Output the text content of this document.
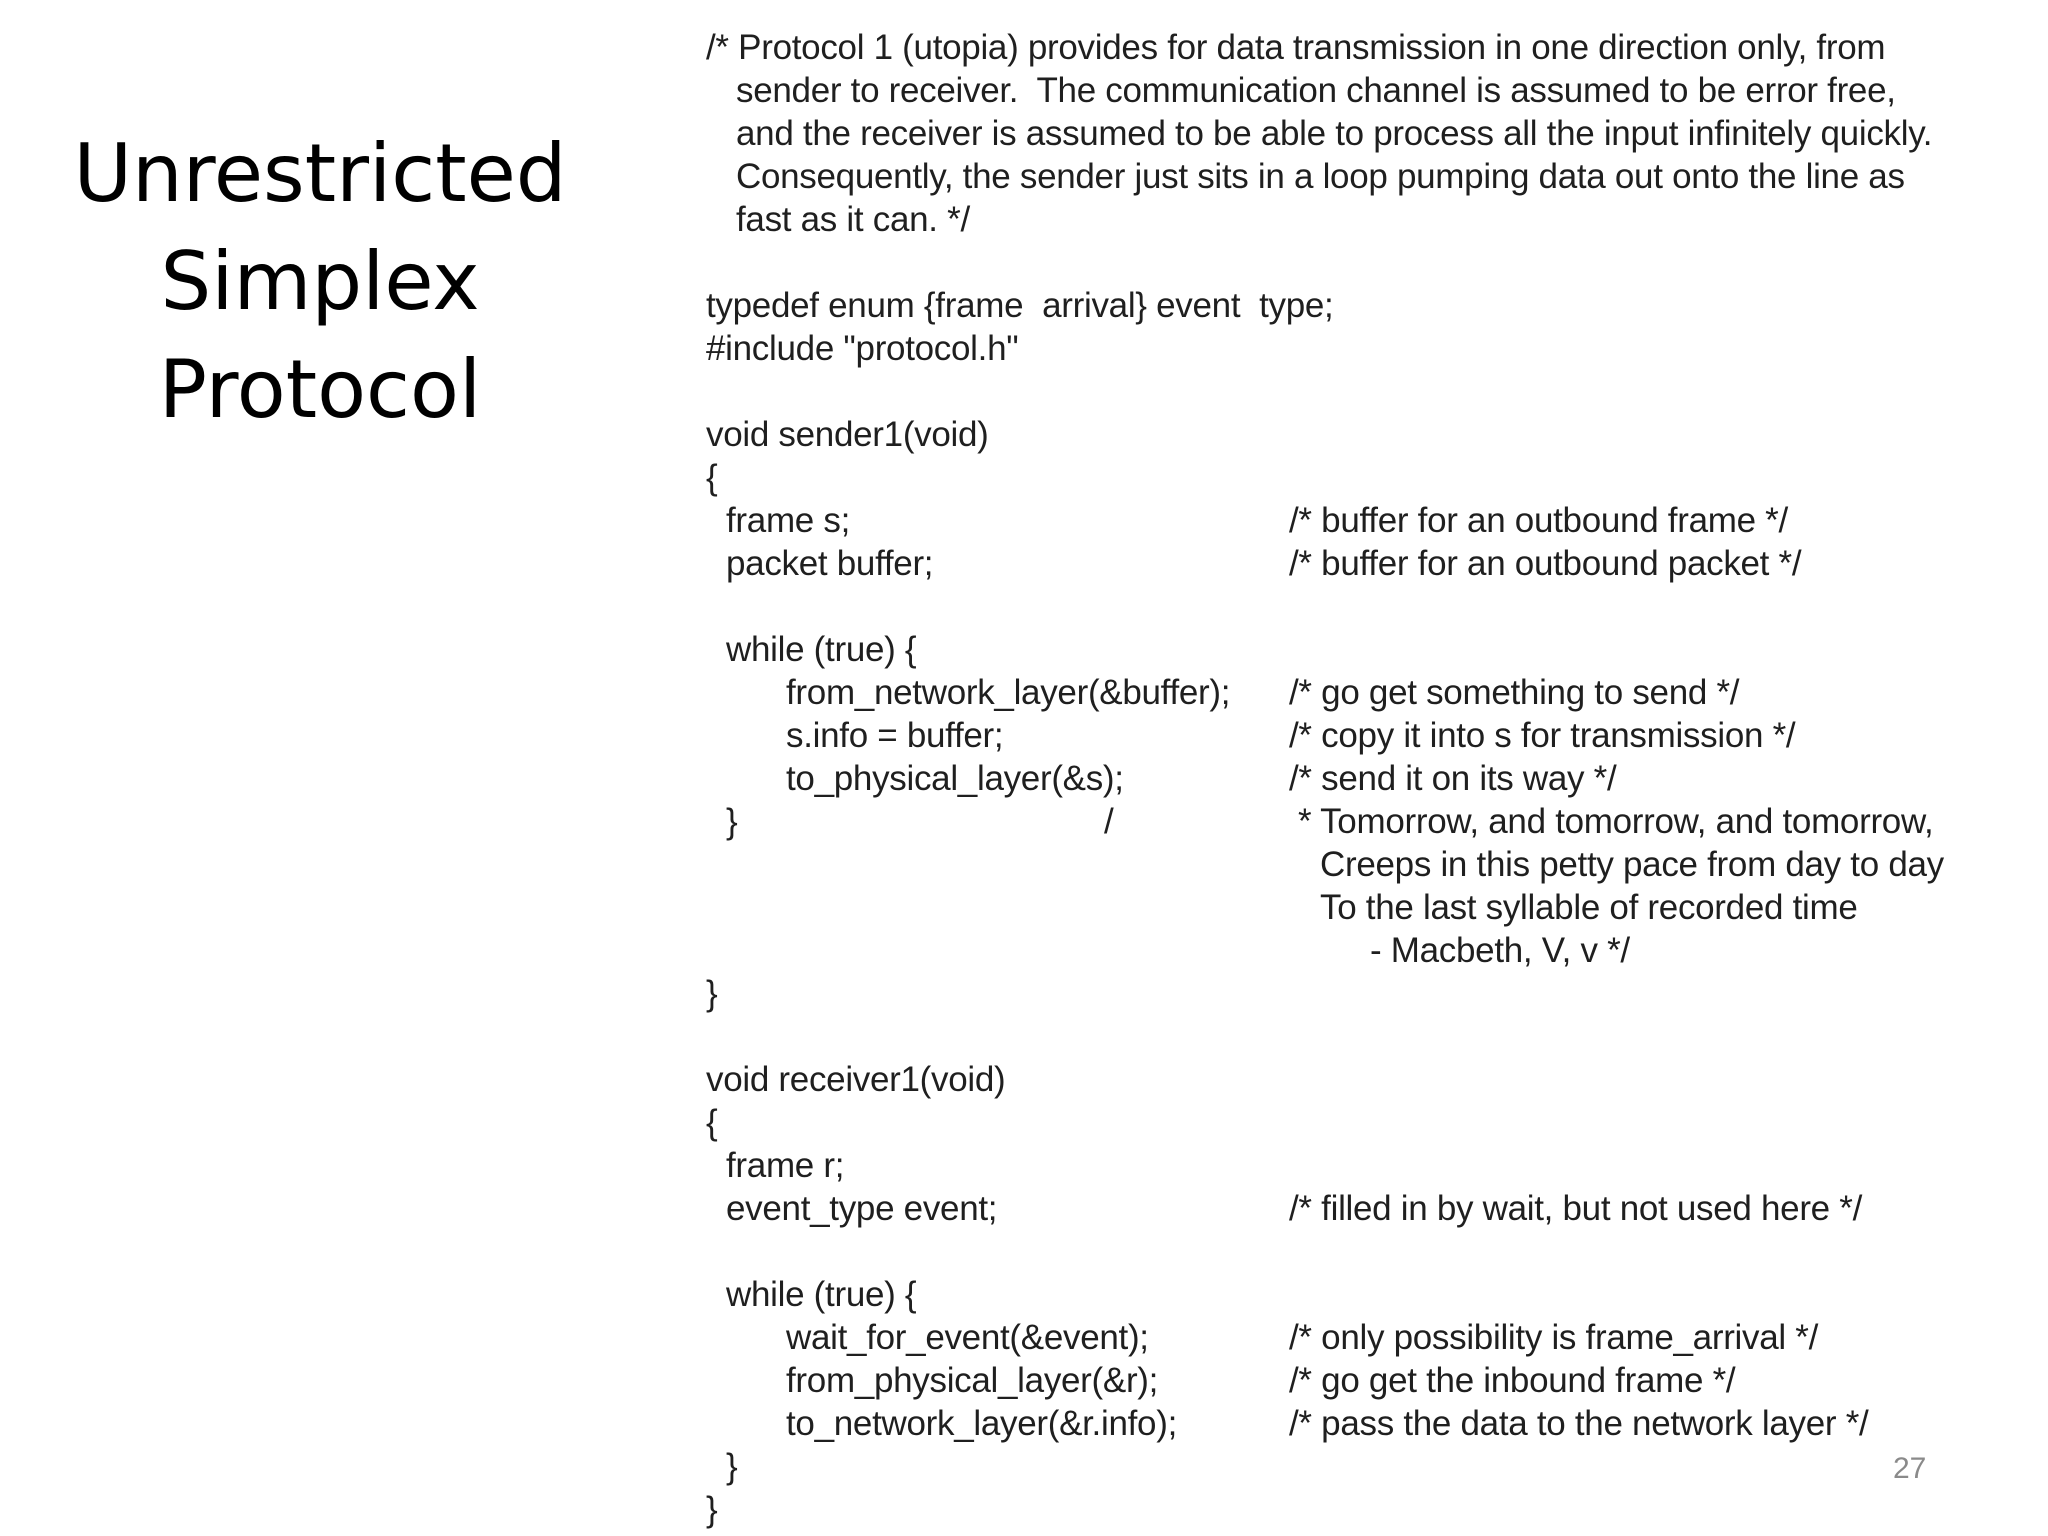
Unrestricted
Simplex
Protocol
/* Protocol 1 (utopia) provides for data transmission in one direction only, from
sender to receiver.  The communication channel is assumed to be error free,
and the receiver is assumed to be able to process all the input infinitely quickly.
Consequently, the sender just sits in a loop pumping data out onto the line as
fast as it can. */
typedef enum {frame  arrival} event  type;
#include "protocol.h"
void sender1(void)
{
frame s;	/* buffer for an outbound frame */
packet buffer;	/* buffer for an outbound packet */
while (true) {
from_network_layer(&buffer); /* go get something to send */
s.info = buffer;	/* copy it into s for transmission */
to_physical_layer(&s);	/* send it on its way */
}	/	* Tomorrow, and tomorrow, and tomorrow,
Creeps in this petty pace from day to day
To the last syllable of recorded time
- Macbeth, V, v */
}
void receiver1(void)
{
frame r;
event_type event;	/* filled in by wait, but not used here */
while (true) {
wait_for_event(&event);	/* only possibility is frame_arrival */
from_physical_layer(&r);	/* go get the inbound frame */
to_network_layer(&r.info);	/* pass the data to the network layer */
}
}
27
